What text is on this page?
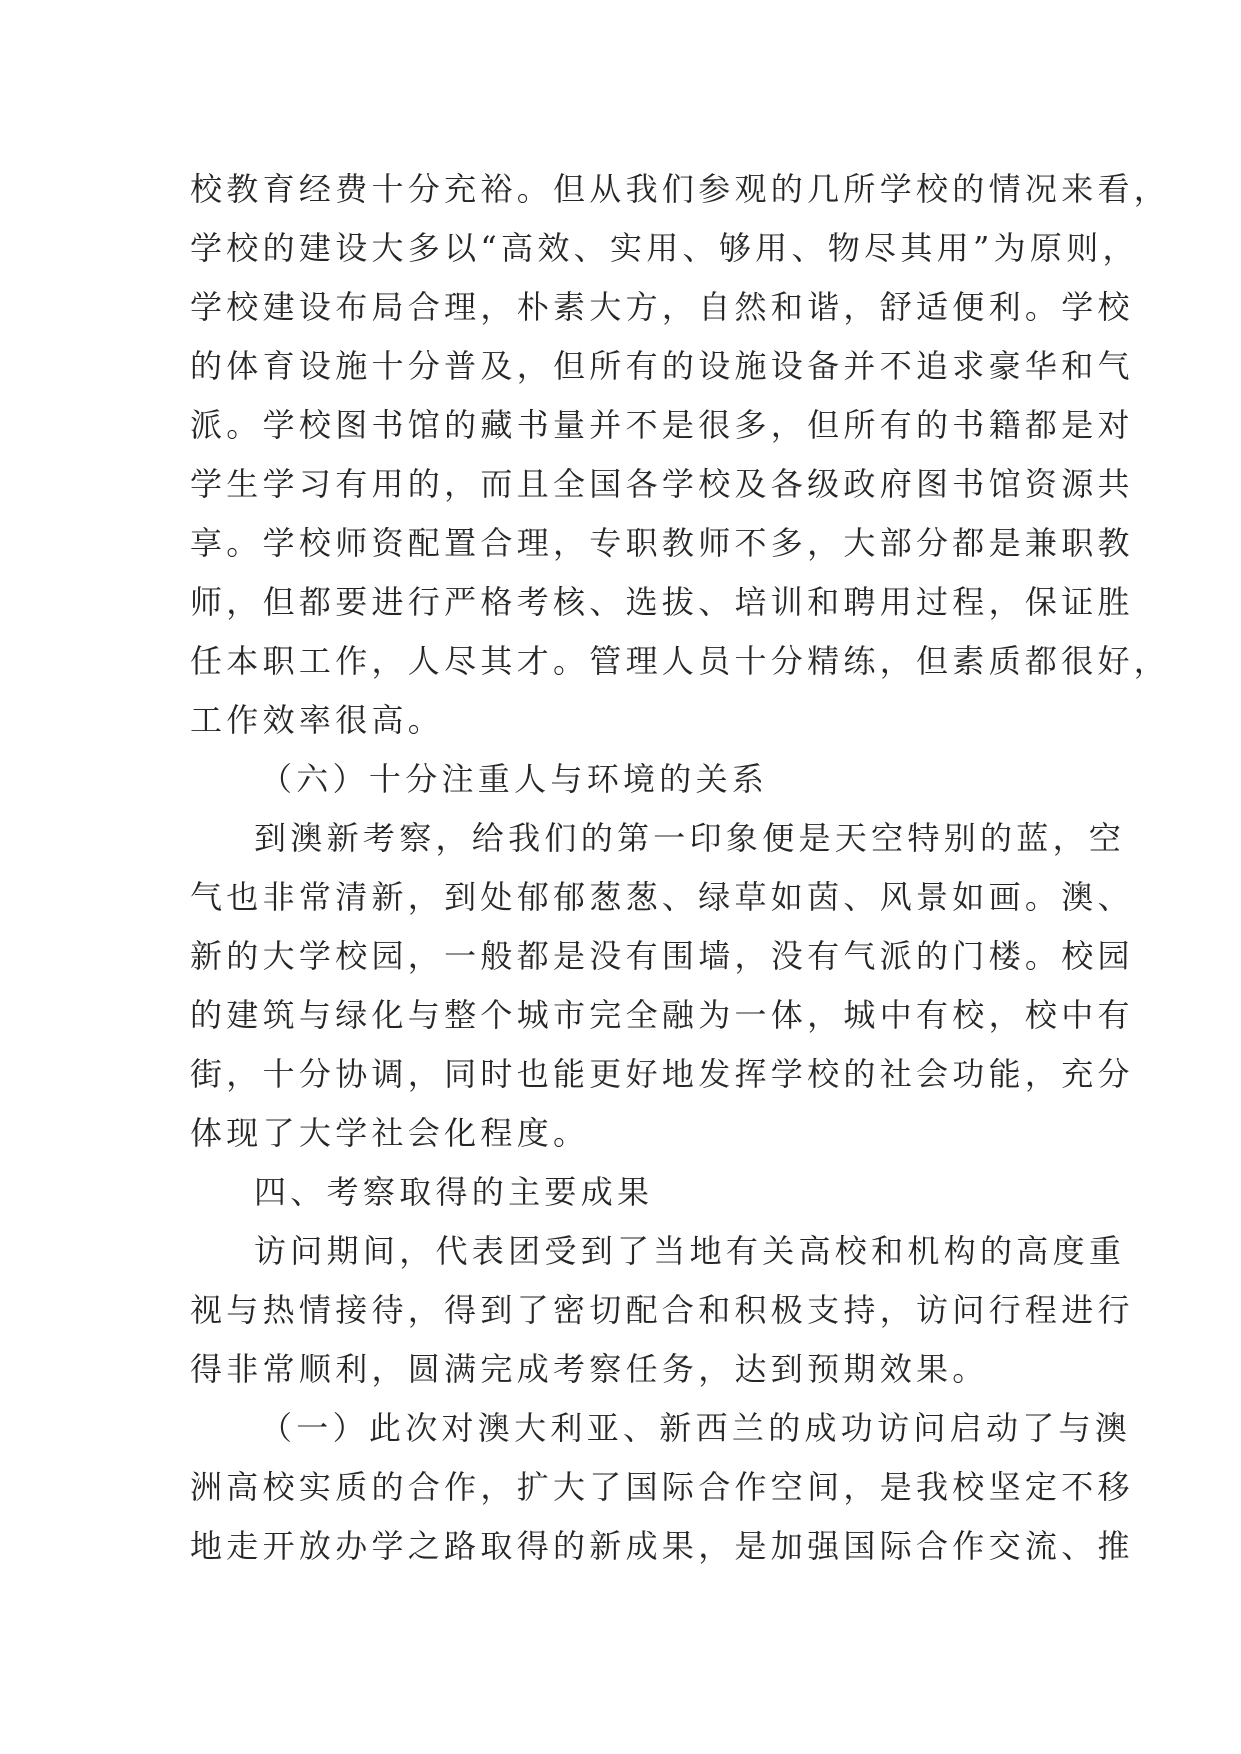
校教育经费十分充裕。但从我们参观的几所学校的情况来看，
学校的建设大多以“高效、实用、够用、物尽其用”为原则，
学校建设布局合理，朴素大方，自然和谐，舒适便利。学校
的体育设施十分普及，但所有的设施设备并不追求豪华和气
派。学校图书馆的藏书量并不是很多，但所有的书籍都是对
学生学习有用的，而且全国各学校及各级政府图书馆资源共
享。学校师资配置合理，专职教师不多，大部分都是兼职教
师，但都要进行严格考核、选拔、培训和聘用过程，保证胜
任本职工作，人尽其才。管理人员十分精练，但素质都很好，
工作效率很高。
（六）十分注重人与环境的关系
到澳新考察，给我们的第一印象便是天空特别的蓝，空
气也非常清新，到处郁郁葱葱、绿草如茵、风景如画。澳、
新的大学校园，一般都是没有围墙，没有气派的门楼。校园
的建筑与绿化与整个城市完全融为一体，城中有校，校中有
街，十分协调，同时也能更好地发挥学校的社会功能，充分
体现了大学社会化程度。
四、考察取得的主要成果
访问期间，代表团受到了当地有关高校和机构的高度重
视与热情接待，得到了密切配合和积极支持，访问行程进行
得非常顺利，圆满完成考察任务，达到预期效果。
（一）此次对澳大利亚、新西兰的成功访问启动了与澳
洲高校实质的合作，扩大了国际合作空间，是我校坚定不移
地走开放办学之路取得的新成果，是加强国际合作交流、推
